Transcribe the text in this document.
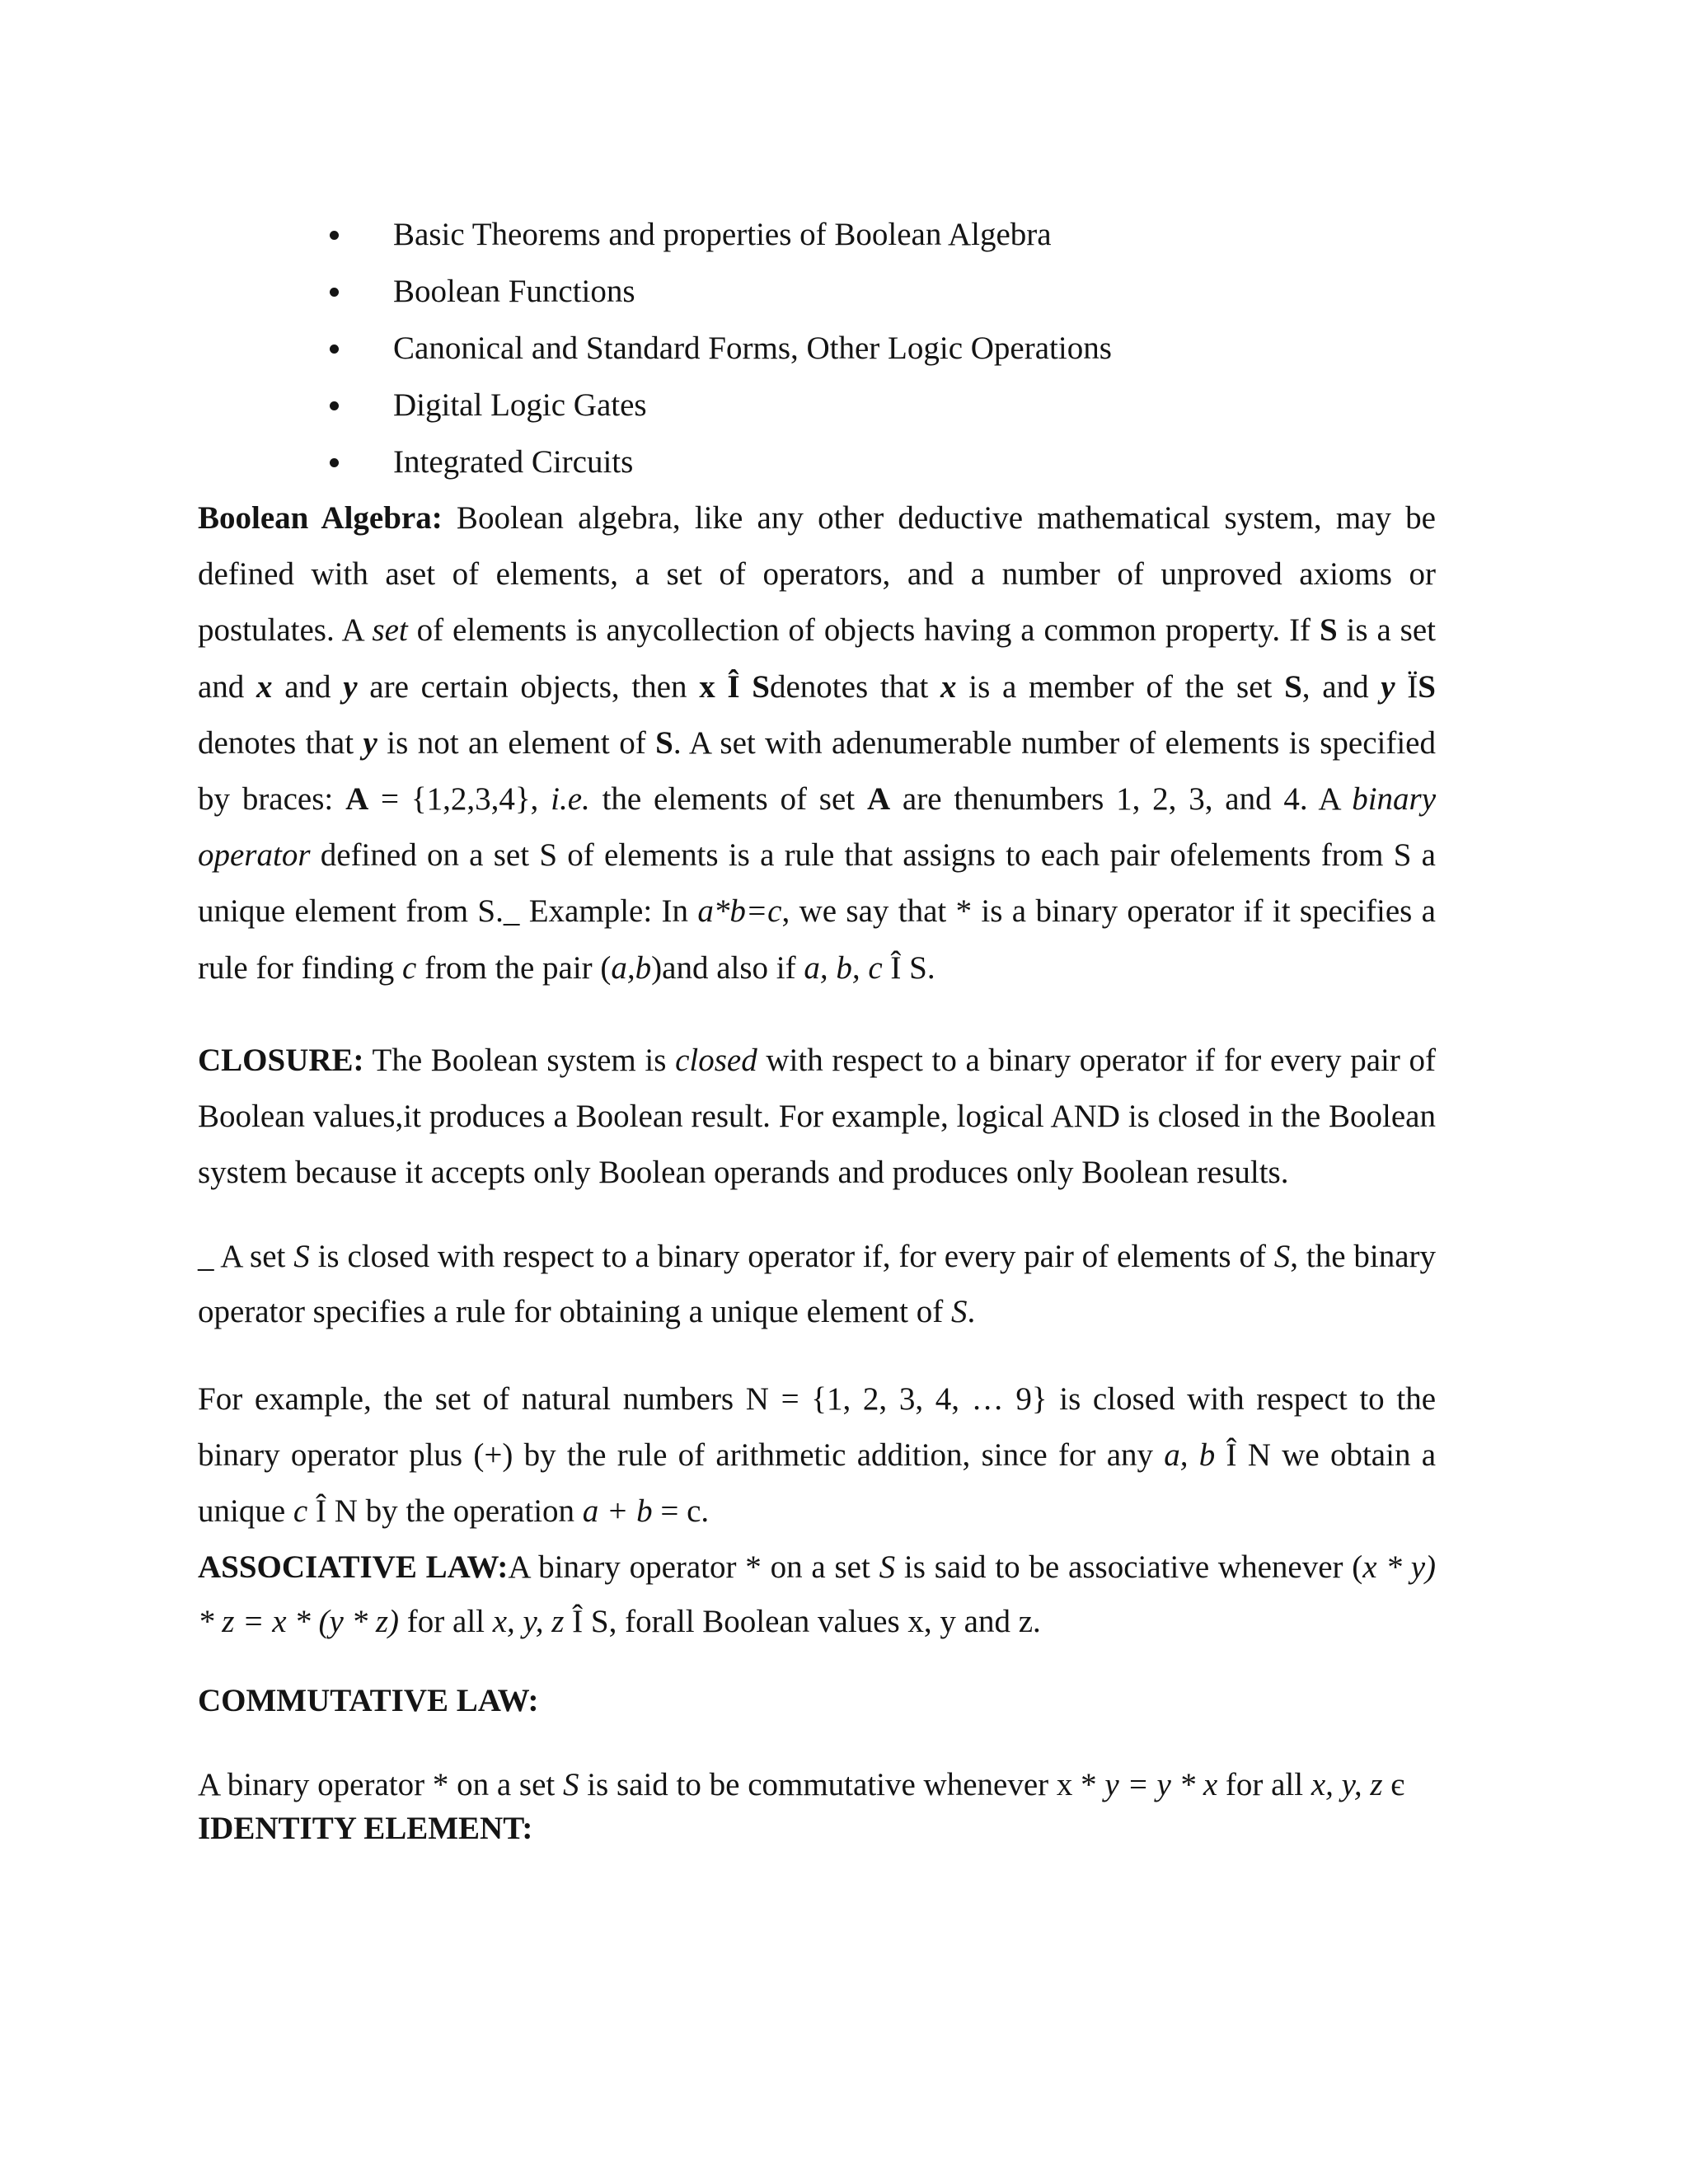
Basic Theorems and properties of Boolean Algebra
Boolean Functions
Canonical and Standard Forms, Other Logic Operations
Digital Logic Gates
Integrated Circuits

Boolean Algebra: Boolean algebra, like any other deductive mathematical system, may be defined with aset of elements, a set of operators, and a number of unproved axioms or postulates. A set of elements is anycollection of objects having a common property. If S is a set and x and y are certain objects, then x Î Sdenotes that x is a member of the set S, and y ÏS denotes that y is not an element of S. A set with adenumerable number of elements is specified by braces: A = {1,2,3,4}, i.e. the elements of set A are thenumbers 1, 2, 3, and 4. A binary operator defined on a set S of elements is a rule that assigns to each pair ofelements from S a unique element from S._ Example: In a*b=c, we say that * is a binary operator if it specifies a rule for finding c from the pair (a,b)and also if a, b, c Î S.

CLOSURE: The Boolean system is closed with respect to a binary operator if for every pair of Boolean values,it produces a Boolean result. For example, logical AND is closed in the Boolean system because it accepts only Boolean operands and produces only Boolean results.

_ A set S is closed with respect to a binary operator if, for every pair of elements of S, the binary operator specifies a rule for obtaining a unique element of S.

For example, the set of natural numbers N = {1, 2, 3, 4, … 9} is closed with respect to the binary operator plus (+) by the rule of arithmetic addition, since for any a, b Î N we obtain a unique c Î N by the operation a + b = c.

ASSOCIATIVE LAW:A binary operator * on a set S is said to be associative whenever (x * y) * z = x * (y * z) for all x, y, z Î S, forall Boolean values x, y and z.

COMMUTATIVE LAW:
A binary operator * on a set S is said to be commutative whenever x * y = y * x for all x, y, z є
IDENTITY ELEMENT:
